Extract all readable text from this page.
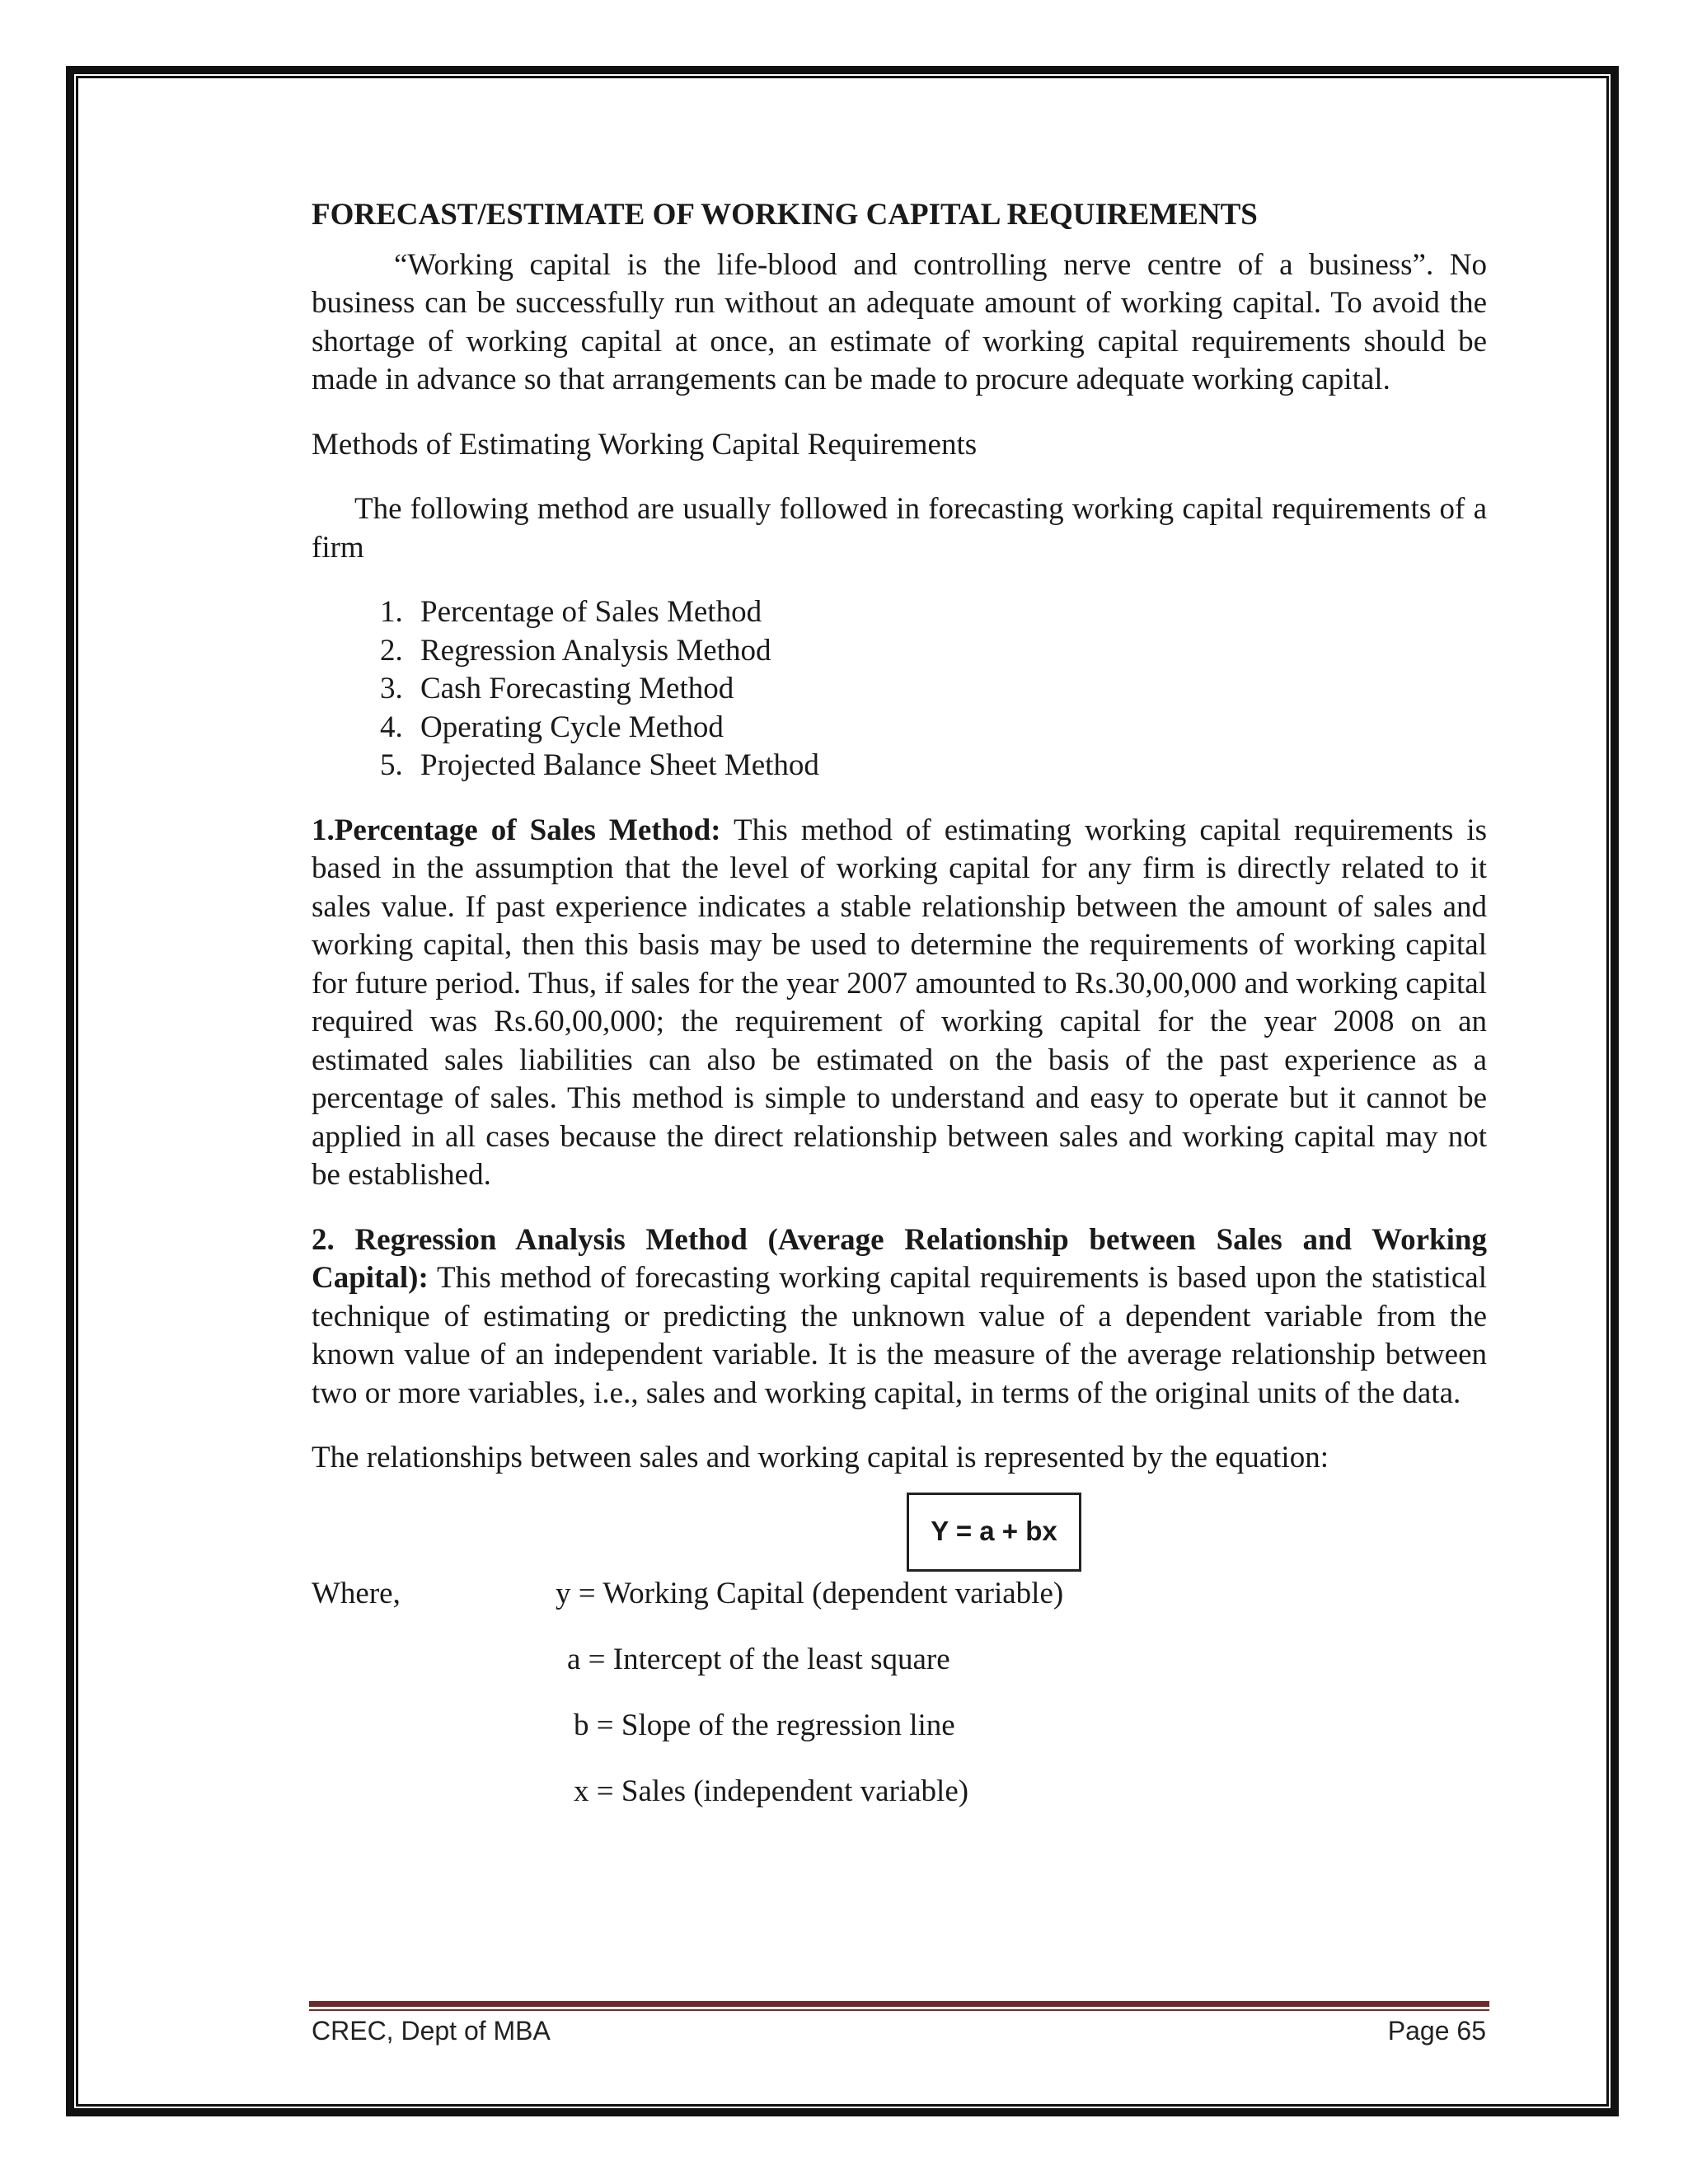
FORECAST/ESTIMATE OF WORKING CAPITAL REQUIREMENTS

“Working capital is the life-blood and controlling nerve centre of a business”. No business can be successfully run without an adequate amount of working capital. To avoid the shortage of working capital at once, an estimate of working capital requirements should be made in advance so that arrangements can be made to procure adequate working capital.

Methods of Estimating Working Capital Requirements

The following method are usually followed in forecasting working capital requirements of a firm

1. Percentage of Sales Method
2. Regression Analysis Method
3. Cash Forecasting Method
4. Operating Cycle Method
5. Projected Balance Sheet Method

1.Percentage of Sales Method: This method of estimating working capital requirements is based in the assumption that the level of working capital for any firm is directly related to it sales value. If past experience indicates a stable relationship between the amount of sales and working capital, then this basis may be used to determine the requirements of working capital for future period. Thus, if sales for the year 2007 amounted to Rs.30,00,000 and working capital required was Rs.60,00,000; the requirement of working capital for the year 2008 on an estimated sales liabilities can also be estimated on the basis of the past experience as a percentage of sales. This method is simple to understand and easy to operate but it cannot be applied in all cases because the direct relationship between sales and working capital may not be established.

2. Regression Analysis Method (Average Relationship between Sales and Working Capital): This method of forecasting working capital requirements is based upon the statistical technique of estimating or predicting the unknown value of a dependent variable from the known value of an independent variable. It is the measure of the average relationship between two or more variables, i.e., sales and working capital, in terms of the original units of the data.

The relationships between sales and working capital is represented by the equation:

Y = a + bx
Where,	y = Working Capital (dependent variable)
a = Intercept of the least square
b = Slope of the regression line
x = Sales (independent variable)
CREC, Dept of MBA	Page 65
